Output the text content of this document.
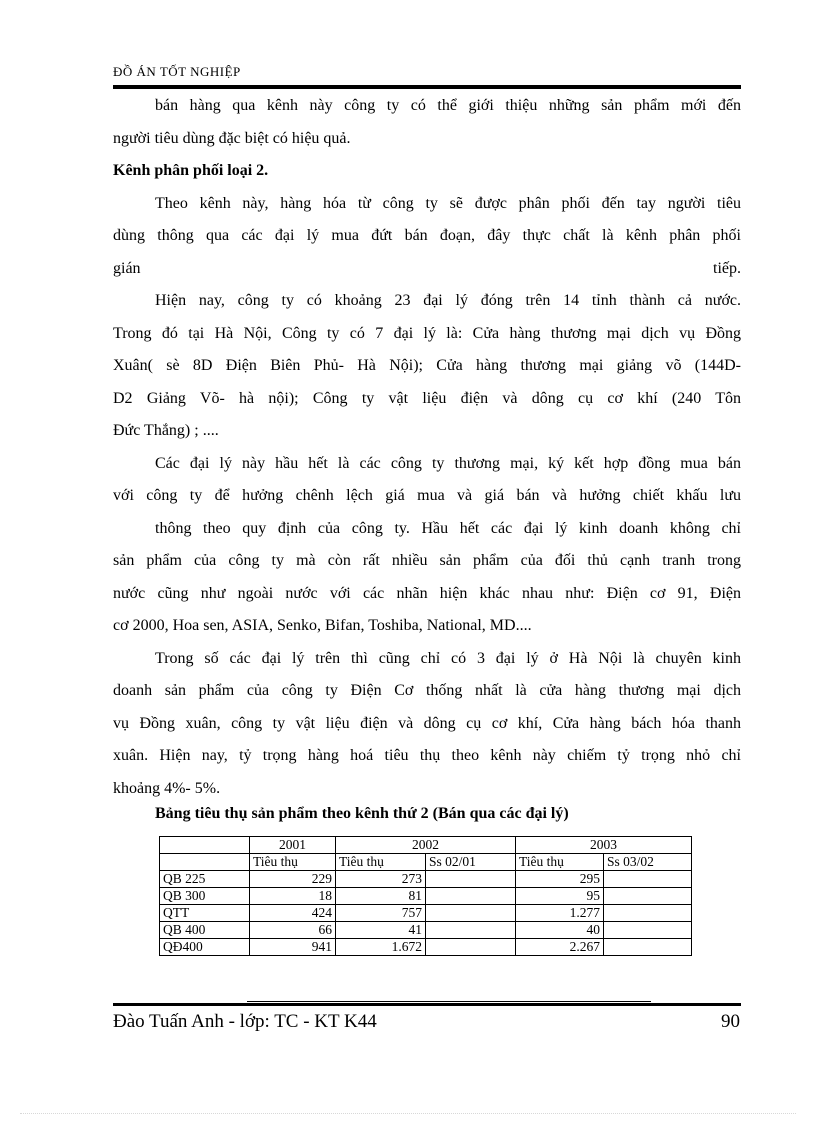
ĐỒ ÁN TỐT NGHIỆP
bán hàng qua kênh này công ty có thể giới thiệu những sản phẩm mới đến
người tiêu dùng đặc biệt có hiệu quả.
Kênh phân phối loại 2.
Theo kênh này, hàng hóa từ công ty sẽ được phân phối đến tay người tiêu
dùng thông qua các đại lý mua đứt bán đoạn, đây thực chất là kênh phân phối
gián	tiếp.
Hiện nay, công ty có khoảng 23 đại lý đóng trên 14 tỉnh thành cả nước.
Trong đó tại Hà Nội, Công ty có 7 đại lý là: Cửa hàng thương mại dịch vụ Đồng
Xuân( sè 8D Điện Biên Phủ- Hà Nội); Cửa hàng thương mại giảng võ (144D-
D2 Giảng Võ- hà nội); Công ty vật liệu điện và dông cụ cơ khí (240 Tôn
Đức Thắng) ; ....
Các đại lý này hầu hết là các công ty thương mại, ký kết hợp đồng mua bán
với công ty để hưởng chênh lệch giá mua và giá bán và hưởng chiết khấu lưu
thông theo quy định của công ty. Hầu hết các đại lý kinh doanh không chỉ
sản phẩm của công ty mà còn rất nhiều sản phẩm của đối thủ cạnh tranh trong
nước cũng như ngoài nước với các nhãn hiện khác nhau như: Điện cơ 91, Điện
cơ 2000, Hoa sen, ASIA, Senko, Bifan, Toshiba, National, MD....
Trong số các đại lý trên thì cũng chỉ có 3 đại lý ở Hà Nội là chuyên kinh
doanh sản phẩm của công ty Điện Cơ thống nhất là cửa hàng thương mại dịch
vụ Đồng xuân, công ty vật liệu điện và dông cụ cơ khí, Cửa hàng bách hóa thanh
xuân. Hiện nay, tỷ trọng hàng hoá tiêu thụ theo kênh này chiếm tỷ trọng nhỏ chỉ
khoảng 4%- 5%.
Bảng tiêu thụ sản phẩm theo kênh thứ 2 (Bán qua các đại lý)
	2001	2002		2003	
	Tiêu thụ	Tiêu thụ	Ss 02/01	Tiêu thụ	Ss 03/02
QB 225	229	273		295	
QB 300	18	81		95	
QTT	424	757		1.277	
QB 400	66	41		40	
QĐ400	941	1.672		2.267	
Đào Tuấn Anh - lớp: TC - KT K44	90
